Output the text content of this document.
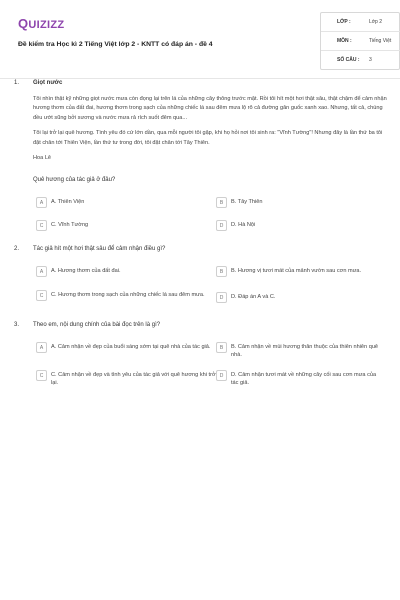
QUIZIZZ
Đề kiểm tra Học kì 2 Tiếng Việt lớp 2 - KNTT có đáp án - đề 4
LỚP :	Lớp 2
MÔN :	Tiếng Việt
SỐ CÂU : 3
1. Giọt nước

Tôi nhìn thật kỹ những giọt nước mưa còn đọng lại trên lá của những cây thông trước mặt. Rồi tôi hít một hơi thật sâu, thật chậm để cảm nhận hương thơm của đất đai, hương thơm trong sạch của những chiếc lá sau đêm mưa lộ rõ cả đường gân guốc xanh xao. Nhưng, tất cả, chúng đều ướt sũng bởi sương và nước mưa rả rích suốt đêm qua...

Tôi lại trở lại quê hương. Tình yêu đó cứ lớn dần, qua mỗi người tôi gặp, khi họ hỏi nơi tôi sinh ra: "Vĩnh Tường"! Nhưng đây là lần thứ ba tôi đặt chân tới Thiên Viện, lần thứ tư trong đời, tôi đặt chân tới Tây Thiên.

Hoa Lê

Quê hương của tác giả ở đâu?
A	A. Thiên Viện	B	B. Tây Thiên
C	C. Vĩnh Tường	D	D. Hà Nội
2. Tác giả hít một hơi thật sâu để cảm nhận điều gì?
A	A. Hương thơm của đất đai.	B	B. Hương vị tươi mát của mảnh vườn sau cơn mưa.
C	C. Hương thơm trong sạch của những chiếc lá sau đêm mưa.	D	D. Đáp án A và C.
3. Theo em, nội dung chính của bài đọc trên là gì?
A	A. Cảm nhận về đẹp của buổi sáng sớm tại quê nhà của tác giả.	B	B. Cảm nhận về mùi hương thân thuộc của thiên nhiên quê nhà.
C	C. Cảm nhận về đẹp và tình yêu của tác giả với quê hương khi trở lại.
D	D. Cảm nhận tươi mát về những cây cối sau cơn mưa của tác giả.
